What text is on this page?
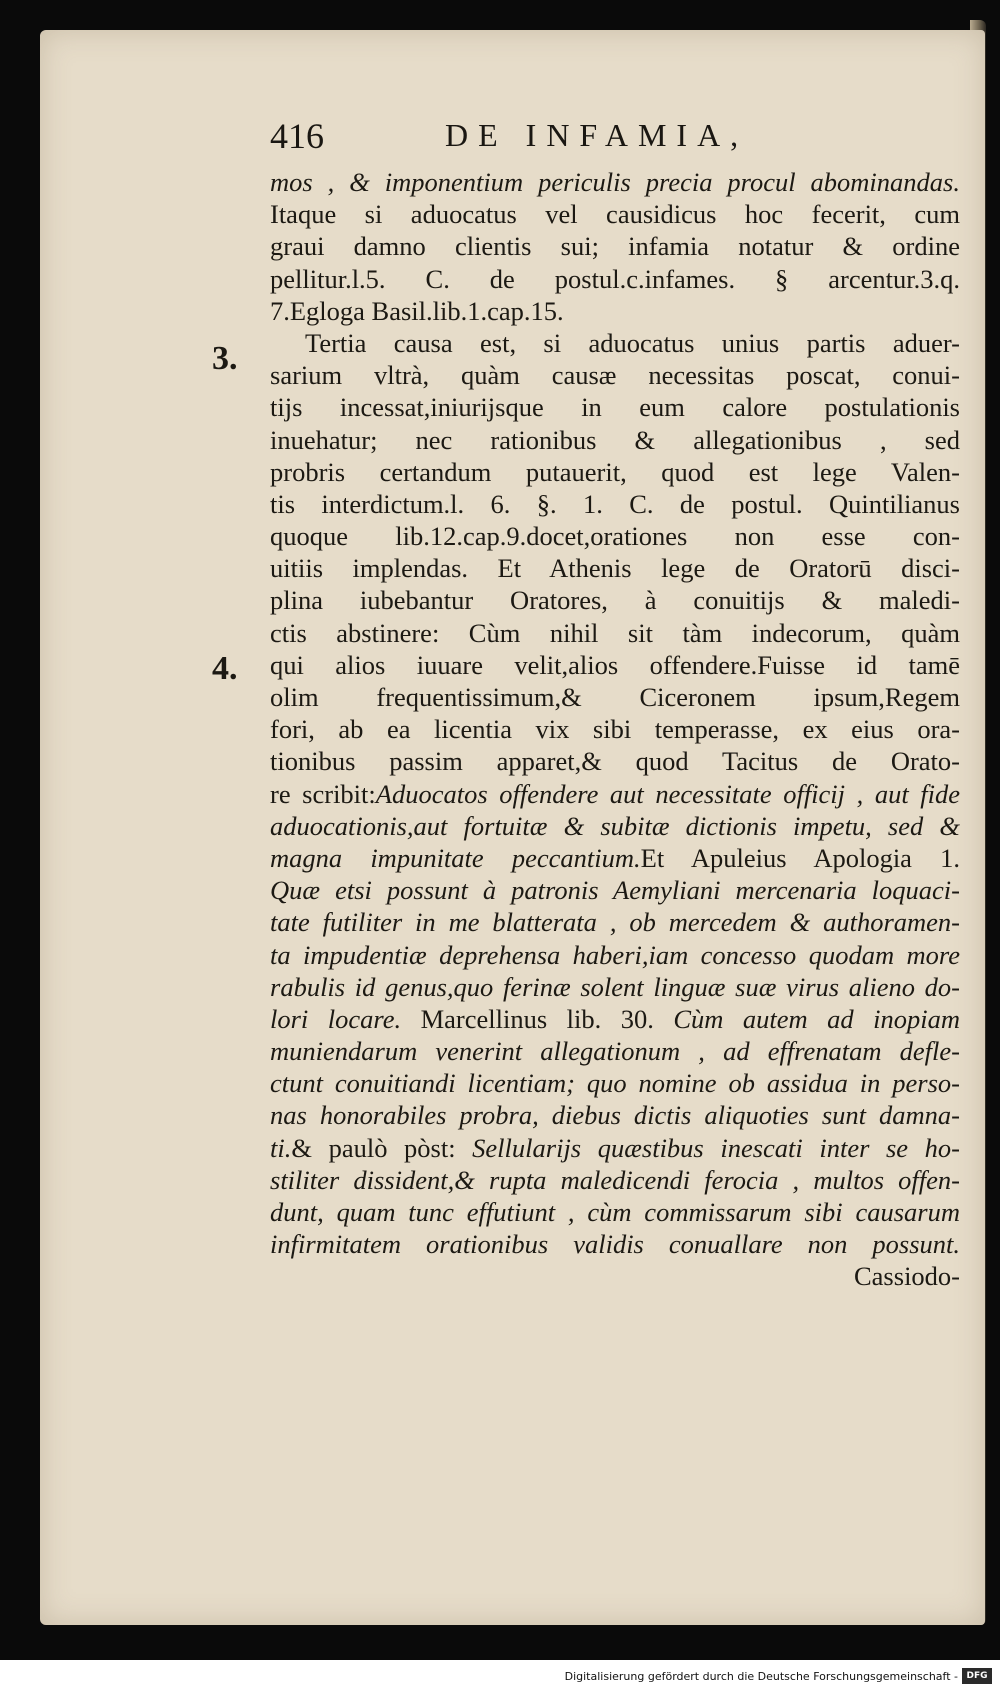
416	DE INFAMIA,
3.
4.
mos , & imponentium periculis precia procul abominandas.
Itaque si aduocatus vel causidicus hoc fecerit, cum
graui damno clientis sui; infamia notatur & ordine
pellitur.l.5. C. de postul.c.infames. § arcentur.3.q.
7.Egloga Basil.lib.1.cap.15.
Tertia causa est, si aduocatus unius partis aduer-
sarium vltrà, quàm causæ necessitas poscat, conui-
tijs incessat,iniurijsque in eum calore postulationis
inuehatur; nec rationibus & allegationibus , sed
probris certandum putauerit, quod est lege Valen-
tis interdictum.l. 6. §. 1. C. de postul. Quintilianus
quoque lib.12.cap.9.docet,orationes non esse con-
uitiis implendas. Et Athenis lege de Oratorū disci-
plina iubebantur Oratores, à conuitijs & maledi-
ctis abstinere: Cùm nihil sit tàm indecorum, quàm
qui alios iuuare velit,alios offendere.Fuisse id tamē
olim frequentissimum,& Ciceronem ipsum,Regem
fori, ab ea licentia vix sibi temperasse, ex eius ora-
tionibus passim apparet,& quod Tacitus de Orato-
re scribit:Aduocatos offendere aut necessitate officij , aut fide
aduocationis,aut fortuitæ & subitæ dictionis impetu, sed &
magna impunitate peccantium.Et Apuleius Apologia 1.
Quæ etsi possunt à patronis Aemyliani mercenaria loquaci-
tate futiliter in me blatterata , ob mercedem & authoramen-
ta impudentiæ deprehensa haberi,iam concesso quodam more
rabulis id genus,quo ferinæ solent linguæ suæ virus alieno do-
lori locare. Marcellinus lib. 30. Cùm autem ad inopiam
muniendarum venerint allegationum , ad effrenatam defle-
ctunt conuitiandi licentiam; quo nomine ob assidua in perso-
nas honorabiles probra, diebus dictis aliquoties sunt damna-
ti.& paulò pòst: Sellularijs quæstibus inescati inter se ho-
stiliter dissident,& rupta maledicendi ferocia , multos offen-
dunt, quam tunc effutiunt , cùm commissarum sibi causarum
infirmitatem orationibus validis conuallare non possunt.
Cassiodo-
Digitalisierung gefördert durch die Deutsche Forschungsgemeinschaft - DFG
